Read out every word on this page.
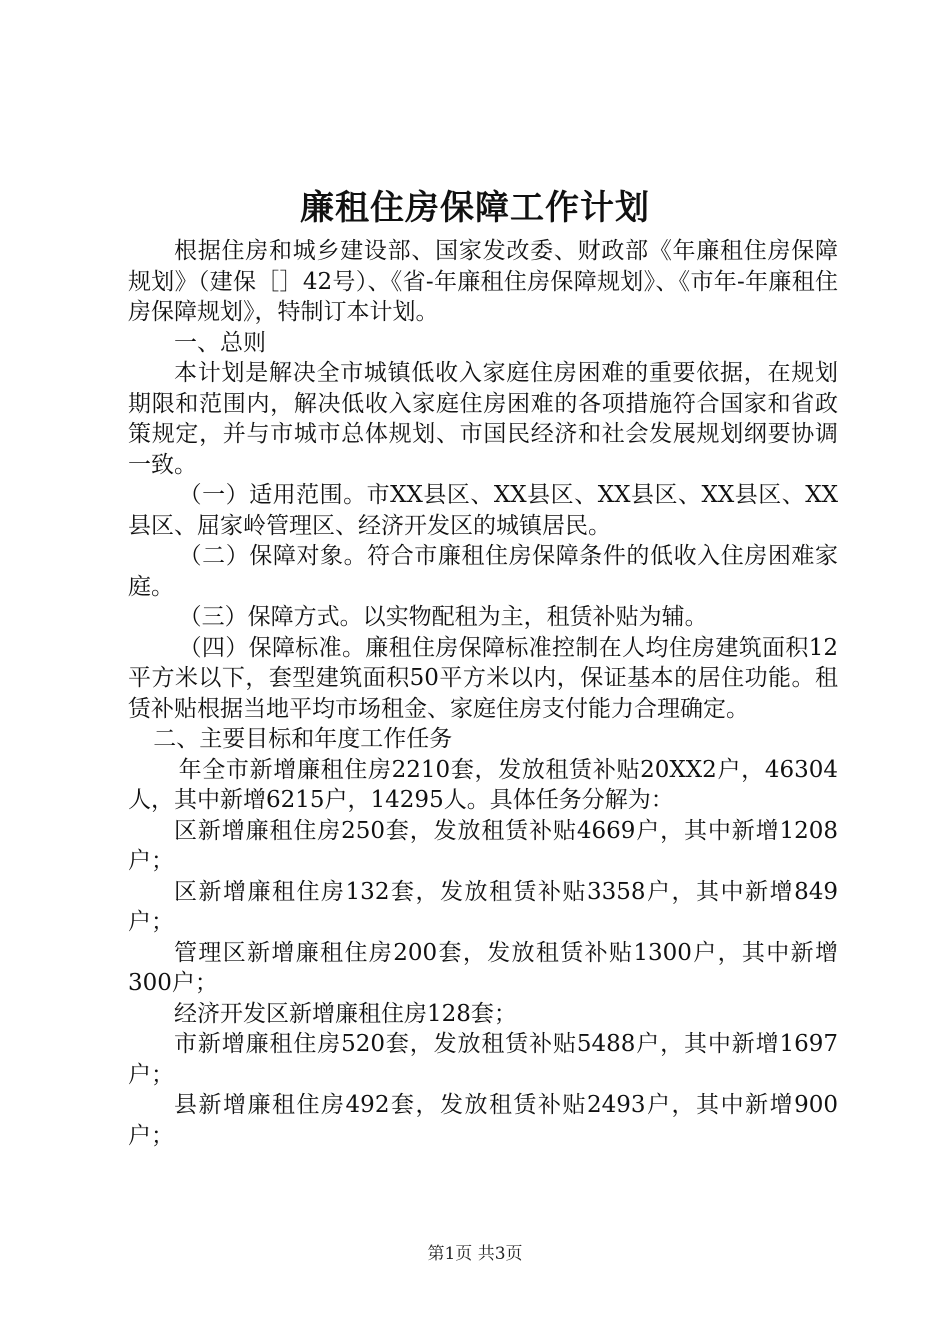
廉租住房保障工作计划

根据住房和城乡建设部、国家发改委、财政部《年廉租住房保障规划》（建保［］42号）、《省-年廉租住房保障规划》、《市年-年廉租住房保障规划》，特制订本计划。

一、总则

本计划是解决全市城镇低收入家庭住房困难的重要依据，在规划期限和范围内，解决低收入家庭住房困难的各项措施符合国家和省政策规定，并与市城市总体规划、市国民经济和社会发展规划纲要协调一致。

（一）适用范围。市XX县区、XX县区、XX县区、XX县区、XX县区、屈家岭管理区、经济开发区的城镇居民。

（二）保障对象。符合市廉租住房保障条件的低收入住房困难家庭。

（三）保障方式。以实物配租为主，租赁补贴为辅。

（四）保障标准。廉租住房保障标准控制在人均住房建筑面积12平方米以下，套型建筑面积50平方米以内，保证基本的居住功能。租赁补贴根据当地平均市场租金、家庭住房支付能力合理确定。

二、主要目标和年度工作任务

年全市新增廉租住房2210套，发放租赁补贴20XX2户，46304人，其中新增6215户，14295人。具体任务分解为：

区新增廉租住房250套，发放租赁补贴4669户，其中新增1208户；

区新增廉租住房132套，发放租赁补贴3358户，其中新增849户；

管理区新增廉租住房200套，发放租赁补贴1300户，其中新增300户；

经济开发区新增廉租住房128套；

市新增廉租住房520套，发放租赁补贴5488户，其中新增1697户；

县新增廉租住房492套，发放租赁补贴2493户，其中新增900户；

第1页 共3页
